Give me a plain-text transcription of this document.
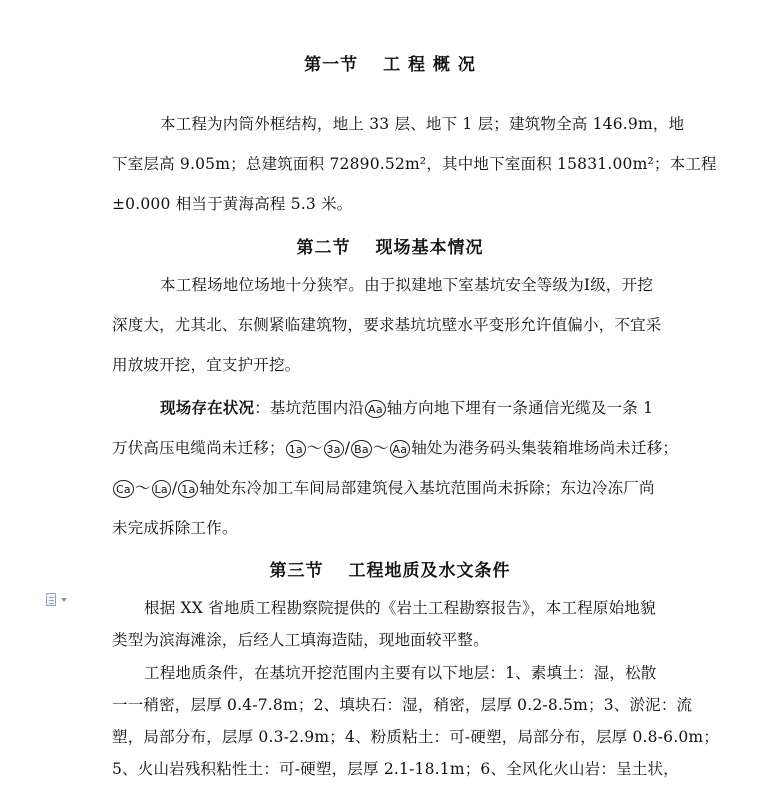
第一节　 工 程 概 况
本工程为内筒外框结构，地上 33 层、地下 1 层；建筑物全高 146.9m，地
下室层高 9.05m；总建筑面积 72890.52m²，其中地下室面积 15831.00m²；本工程
±0.000 相当于黄海高程 5.3 米。
第二节　 现场基本情况
本工程场地位场地十分狭窄。由于拟建地下室基坑安全等级为Ⅰ级，开挖
深度大，尤其北、东侧紧临建筑物，要求基坑坑壁水平变形允许值偏小，不宜采
用放坡开挖，宜支护开挖。
现场存在状况：基坑范围内沿 Aa 轴方向地下埋有一条通信光缆及一条 1
万伏高压电缆尚未迁移； 1a ～ 3a / Ba ～ Aa 轴处为港务码头集装箱堆场尚未迁移；
Ca ～ La / 1a 轴处东冷加工车间局部建筑侵入基坑范围尚未拆除；东边冷冻厂尚
未完成拆除工作。
第三节　 工程地质及水文条件
根据 XX 省地质工程勘察院提供的《岩土工程勘察报告》，本工程原始地貌
类型为滨海滩涂，后经人工填海造陆，现地面较平整。
工程地质条件，在基坑开挖范围内主要有以下地层：1、素填土：湿，松散
一一稍密，层厚 0.4-7.8m；2、填块石：湿，稍密，层厚 0.2-8.5m；3、淤泥：流
塑，局部分布，层厚 0.3-2.9m；4、粉质粘土：可-硬塑，局部分布，层厚 0.8-6.0m；
5、火山岩残积粘性土：可-硬塑，层厚 2.1-18.1m；6、全风化火山岩：呈土状，
